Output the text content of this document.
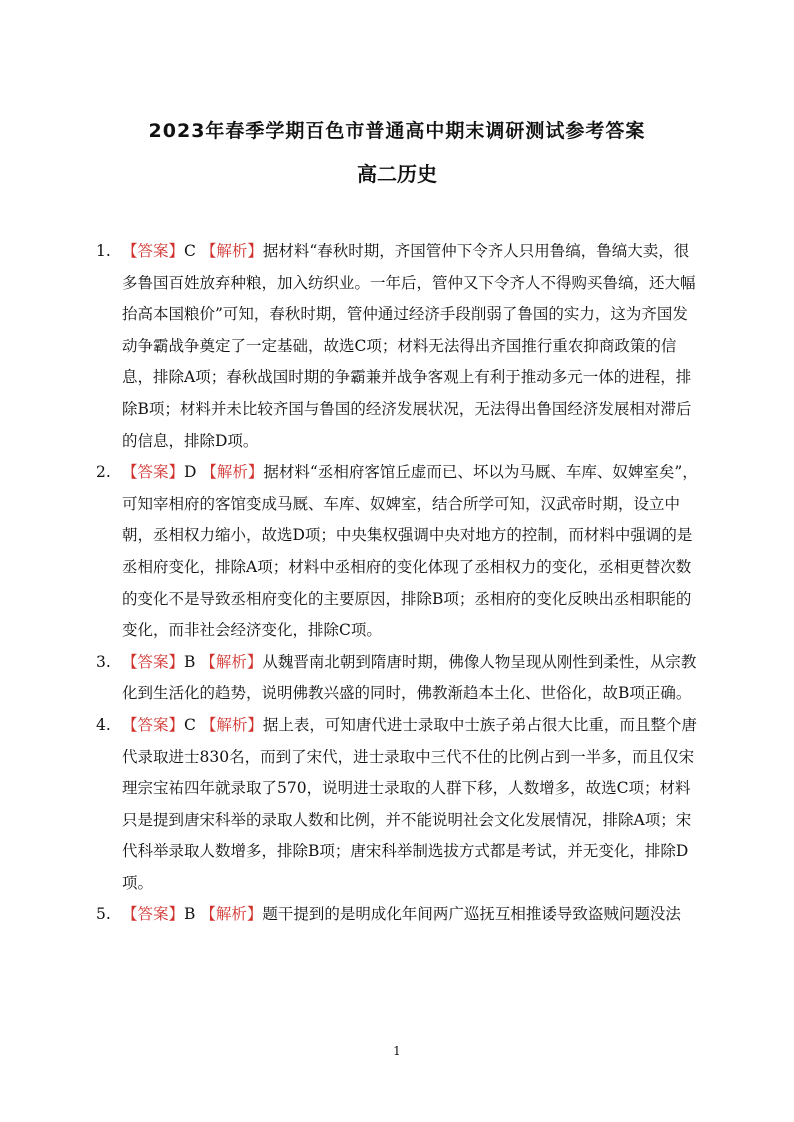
2023年春季学期百色市普通高中期末调研测试参考答案
高二历史
1. 【答案】C 【解析】据材料“春秋时期，齐国管仲下令齐人只用鲁缟，鲁缟大卖，很多鲁国百姓放弃种粮，加入纺织业。一年后，管仲又下令齐人不得购买鲁缟，还大幅抬高本国粮价”可知，春秋时期，管仲通过经济手段削弱了鲁国的实力，这为齐国发动争霸战争奠定了一定基础，故选C项；材料无法得出齐国推行重农抑商政策的信息，排除A项；春秋战国时期的争霸兼并战争客观上有利于推动多元一体的进程，排除B项；材料并未比较齐国与鲁国的经济发展状况，无法得出鲁国经济发展相对滞后的信息，排除D项。
2. 【答案】D 【解析】据材料“丞相府客馆丘虚而已、坏以为马厩、车库、奴婢室矣”，可知宰相府的客馆变成马厩、车库、奴婢室，结合所学可知，汉武帝时期，设立中朝，丞相权力缩小，故选D项；中央集权强调中央对地方的控制，而材料中强调的是丞相府变化，排除A项；材料中丞相府的变化体现了丞相权力的变化，丞相更替次数的变化不是导致丞相府变化的主要原因，排除B项；丞相府的变化反映出丞相职能的变化，而非社会经济变化，排除C项。
3. 【答案】B 【解析】从魏晋南北朝到隋唐时期，佛像人物呈现从刚性到柔性，从宗教化到生活化的趋势，说明佛教兴盛的同时，佛教渐趋本土化、世俗化，故B项正确。
4. 【答案】C 【解析】据上表，可知唐代进士录取中士族子弟占很大比重，而且整个唐代录取进士830名，而到了宋代，进士录取中三代不仕的比例占到一半多，而且仅宋理宗宝祐四年就录取了570，说明进士录取的人群下移，人数增多，故选C项；材料只是提到唐宋科举的录取人数和比例，并不能说明社会文化发展情况，排除A项；宋代科举录取人数增多，排除B项；唐宋科举制选拔方式都是考试，并无变化，排除D项。
5. 【答案】B 【解析】题干提到的是明成化年间两广巡抚互相推诿导致盗贼问题没法
1
